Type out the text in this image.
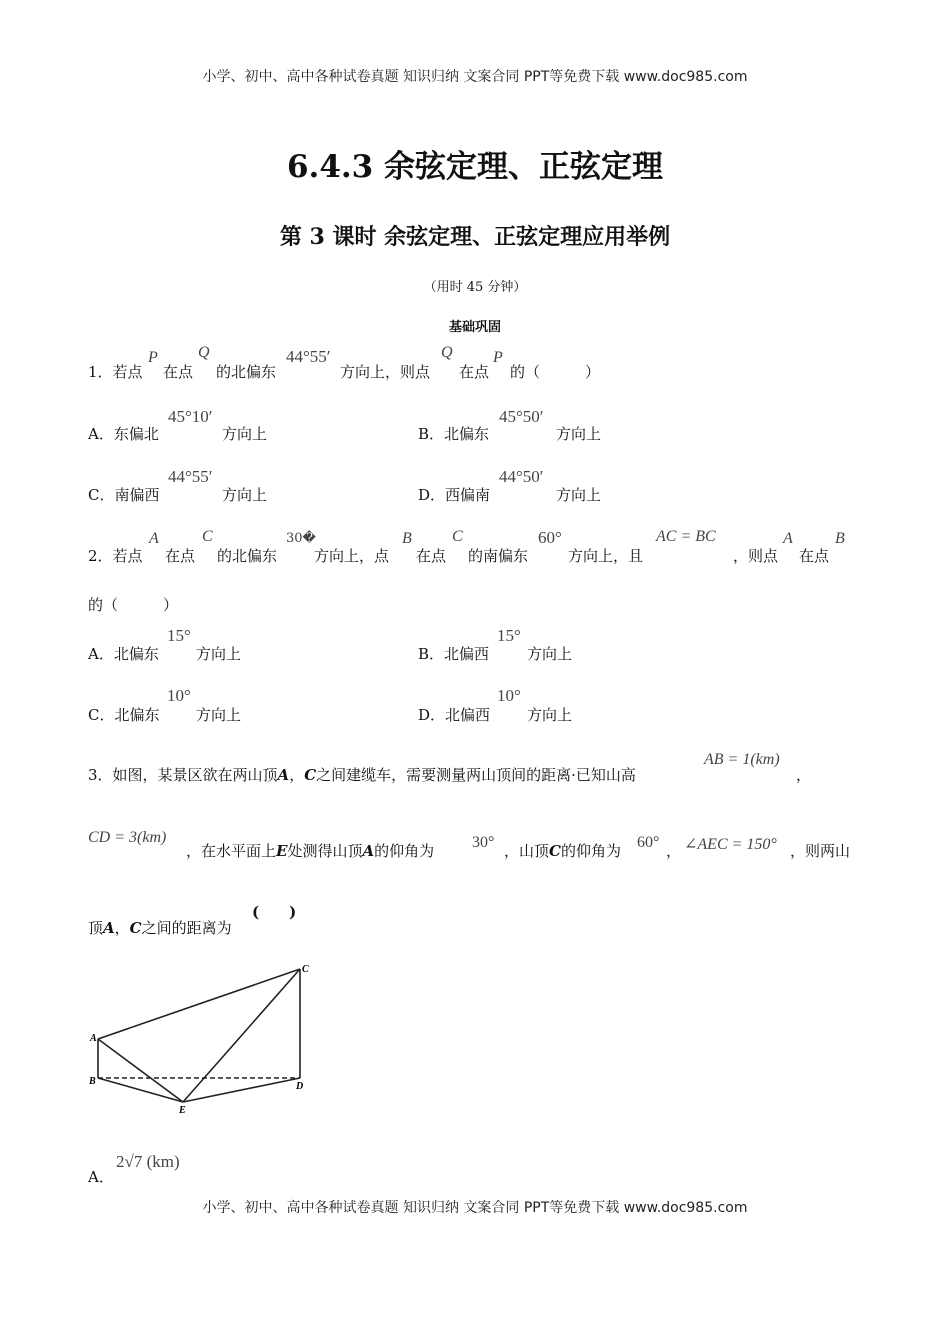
小学、初中、高中各种试卷真题 知识归纳 文案合同 PPT等免费下载 www.doc985.com
6.4.3 余弦定理、正弦定理
第 3 课时 余弦定理、正弦定理应用举例
（用时 45 分钟）
基础巩固
1．若点
P
在点
Q
的北偏东
44°55′
方向上，则点
Q
在点
P
的（　　　）
A．东偏北
45°10′
方向上	B．北偏东
45°50′
方向上
C．南偏西
44°55′
方向上	D．西偏南
44°50′
方向上
2．若点
A
在点
C
的北偏东
30�
方向上，点
B
在点
C
的南偏东
60°
方向上，且
AC = BC
，则点
A
在点
B
的（　　　）
A．北偏东
15°
方向上	B．北偏西
15°
方向上
C．北偏东
10°
方向上	D．北偏西
10°
方向上
3．如图，某景区欲在两山顶A，C之间建缆车，需要测量两山顶间的距离·已知山高
AB = 1(km)
，
CD = 3(km)
，在水平面上E处测得山顶A的仰角为 30° ，山顶C的仰角为 60° ， ∠AEC = 150° ，则两山
顶A，C之间的距离为
(　　)
A
B
C
D
E
A．
2√7 (km)
小学、初中、高中各种试卷真题 知识归纳 文案合同 PPT等免费下载 www.doc985.com
